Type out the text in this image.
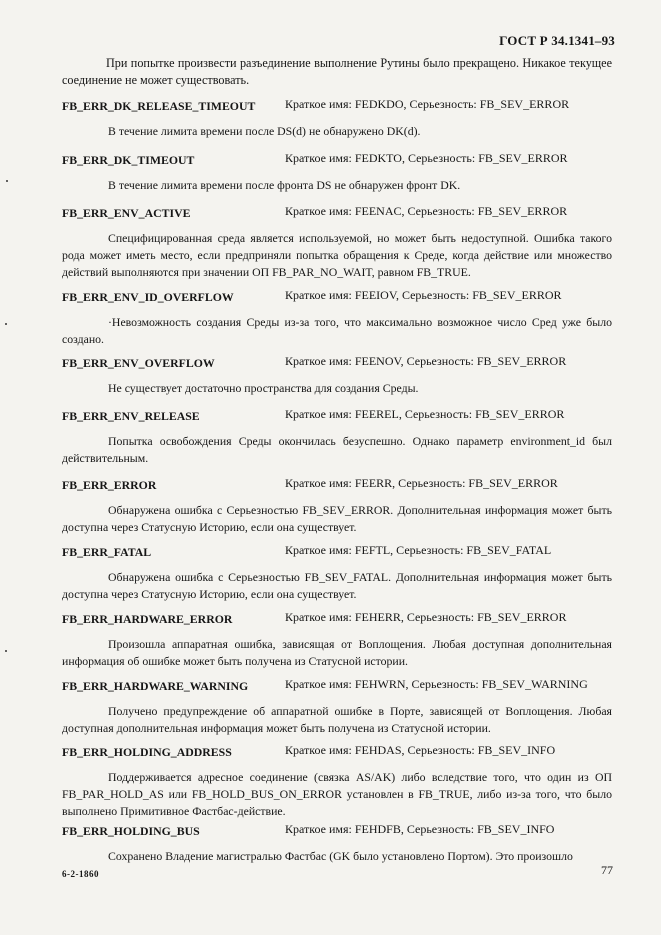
ГОСТ Р 34.1341–93
При попытке произвести разъединение выполнение Рутины было прекращено. Никакое текущее соединение не может существовать.
FB_ERR_DK_RELEASE_TIMEOUT Краткое имя: FEDKDO, Серьезность: FB_SEV_ERROR
В течение лимита времени после DS(d) не обнаружено DK(d).
FB_ERR_DK_TIMEOUT	Краткое имя: FEDKTO, Серьезность: FB_SEV_ERROR
В течение лимита времени после фронта DS не обнаружен фронт DK.
FB_ERR_ENV_ACTIVE	Краткое имя: FEENAC, Серьезность: FB_SEV_ERROR
Специфицированная среда является используемой, но может быть недоступной. Ошибка такого рода может иметь место, если предприняли попытка обращения к Среде, когда действие или множество действий выполняются при значении ОП FB_PAR_NO_WAIT, равном FB_TRUE.
FB_ERR_ENV_ID_OVERFLOW	Краткое имя: FEEIOV, Серьезность: FB_SEV_ERROR
·Невозможность создания Среды из-за того, что максимально возможное число Сред уже было создано.
FB_ERR_ENV_OVERFLOW	Краткое имя: FEENOV, Серьезность: FB_SEV_ERROR
Не существует достаточно пространства для создания Среды.
FB_ERR_ENV_RELEASE	Краткое имя: FEEREL, Серьезность: FB_SEV_ERROR
Попытка освобождения Среды окончилась безуспешно. Однако параметр environment_id был действительным.
FB_ERR_ERROR	Краткое имя: FEERR, Серьезность: FB_SEV_ERROR
Обнаружена ошибка с Серьезностью FB_SEV_ERROR. Дополнительная информация может быть доступна через Статусную Историю, если она существует.
FB_ERR_FATAL	Краткое имя: FEFTL, Серьезность: FB_SEV_FATAL
Обнаружена ошибка с Серьезностью FB_SEV_FATAL. Дополнительная информация может быть доступна через Статусную Историю, если она существует.
FB_ERR_HARDWARE_ERROR	Краткое имя: FEHERR, Серьезность: FB_SEV_ERROR
Произошла аппаратная ошибка, зависящая от Воплощения. Любая доступная дополнительная информация об ошибке может быть получена из Статусной истории.
FB_ERR_HARDWARE_WARNING	Краткое имя: FEHWRN, Серьезность: FB_SEV_WARNING
Получено предупреждение об аппаратной ошибке в Порте, зависящей от Воплощения. Любая доступная дополнительная информация может быть получена из Статусной истории.
FB_ERR_HOLDING_ADDRESS	Краткое имя: FEHDAS, Серьезность: FB_SEV_INFO
Поддерживается адресное соединение (связка AS/AK) либо вследствие того, что один из ОП FB_PAR_HOLD_AS или FB_HOLD_BUS_ON_ERROR установлен в FB_TRUE, либо из-за того, что было выполнено Примитивное Фастбас-действие.
FB_ERR_HOLDING_BUS	Краткое имя: FEHDFB, Серьезность: FB_SEV_INFO
Сохранено Владение магистралью Фастбас (GK было установлено Портом). Это произошло
6-2-1860	77
